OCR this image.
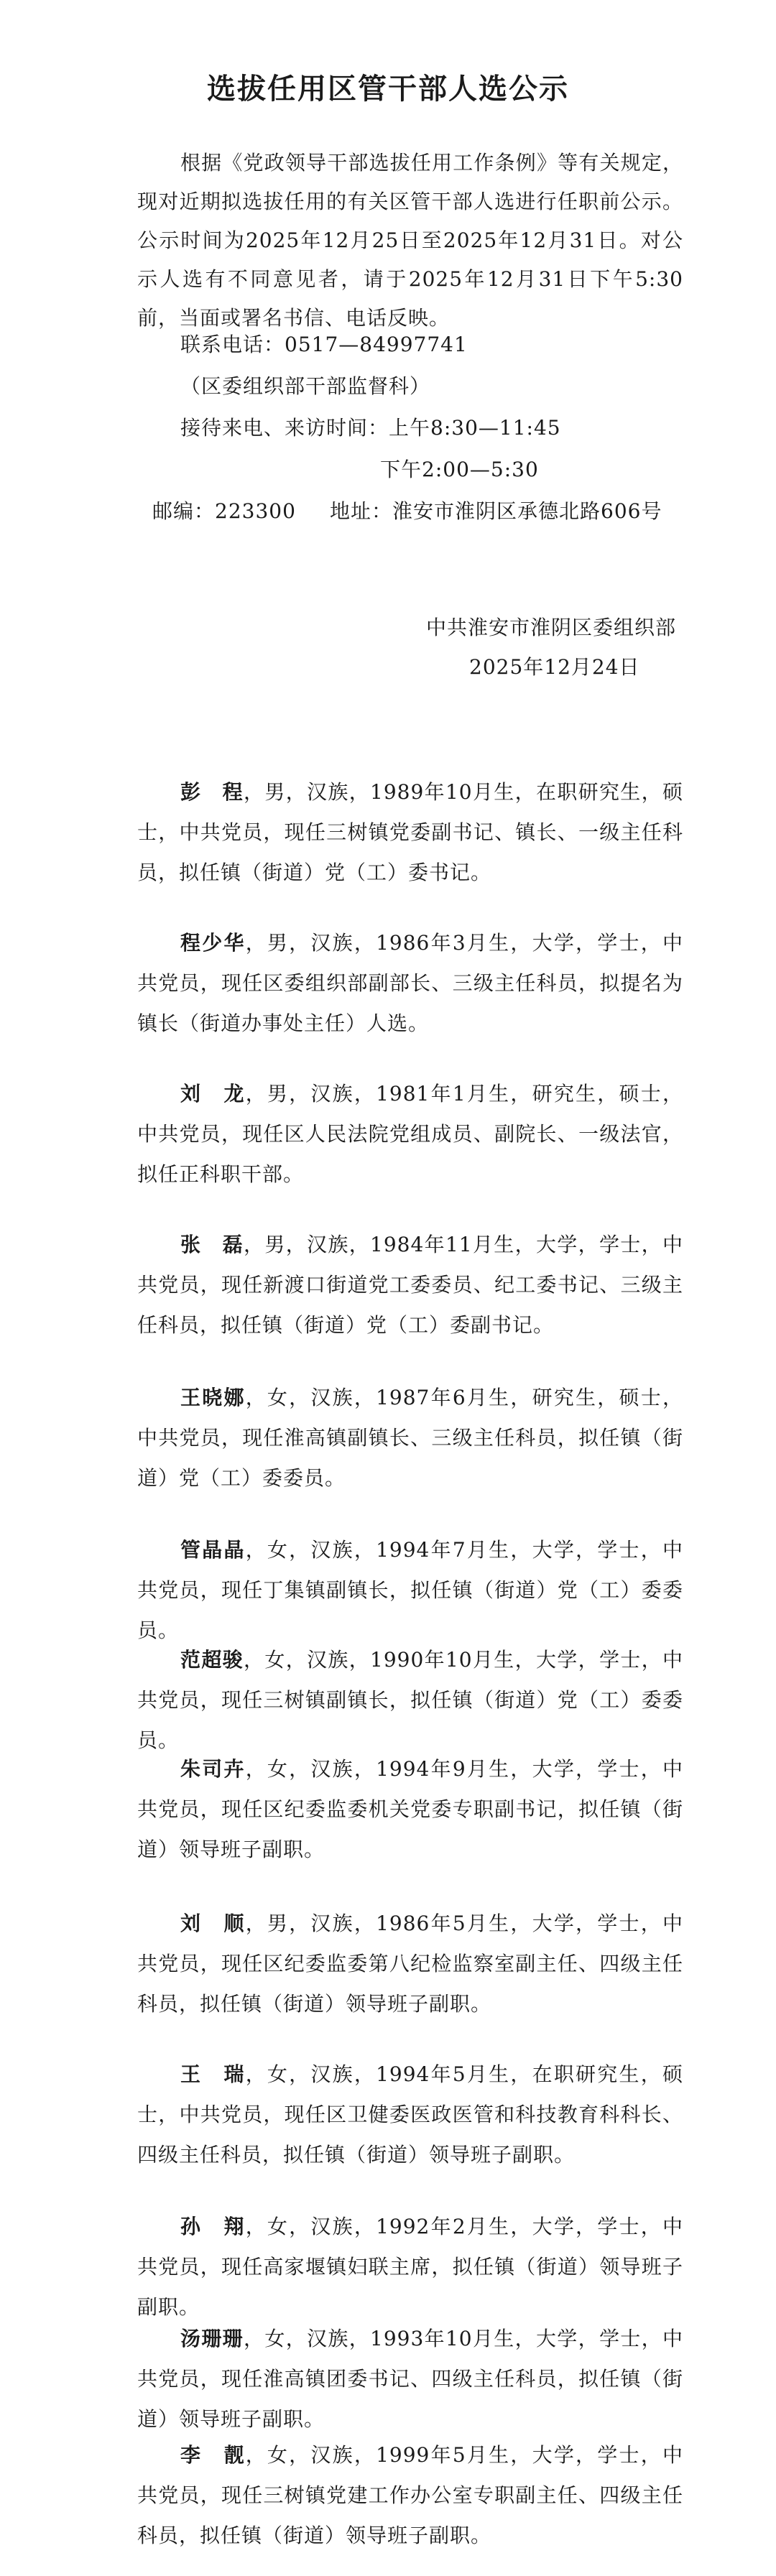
选拔任用区管干部人选公示
根据《党政领导干部选拔任用工作条例》等有关规定，现对近期拟选拔任用的有关区管干部人选进行任职前公示。公示时间为2025年12月25日至2025年12月31日。对公示人选有不同意见者，请于2025年12月31日下午5:30前，当面或署名书信、电话反映。
联系电话：0517—84997741
（区委组织部干部监督科）
接待来电、来访时间：上午8:30—11:45
下午2:00—5:30
邮编：223300 地址：淮安市淮阴区承德北路606号
中共淮安市淮阴区委组织部
2025年12月24日
彭　程，男，汉族，1989年10月生，在职研究生，硕士，中共党员，现任三树镇党委副书记、镇长、一级主任科员，拟任镇（街道）党（工）委书记。
程少华，男，汉族，1986年3月生，大学，学士，中共党员，现任区委组织部副部长、三级主任科员，拟提名为镇长（街道办事处主任）人选。
刘　龙，男，汉族，1981年1月生，研究生，硕士，中共党员，现任区人民法院党组成员、副院长、一级法官，拟任正科职干部。
张　磊，男，汉族，1984年11月生，大学，学士，中共党员，现任新渡口街道党工委委员、纪工委书记、三级主任科员，拟任镇（街道）党（工）委副书记。
王晓娜，女，汉族，1987年6月生，研究生，硕士，中共党员，现任淮高镇副镇长、三级主任科员，拟任镇（街道）党（工）委委员。
管晶晶，女，汉族，1994年7月生，大学，学士，中共党员，现任丁集镇副镇长，拟任镇（街道）党（工）委委员。
范超骏，女，汉族，1990年10月生，大学，学士，中共党员，现任三树镇副镇长，拟任镇（街道）党（工）委委员。
朱司卉，女，汉族，1994年9月生，大学，学士，中共党员，现任区纪委监委机关党委专职副书记，拟任镇（街道）领导班子副职。
刘　顺，男，汉族，1986年5月生，大学，学士，中共党员，现任区纪委监委第八纪检监察室副主任、四级主任科员，拟任镇（街道）领导班子副职。
王　瑞，女，汉族，1994年5月生，在职研究生，硕士，中共党员，现任区卫健委医政医管和科技教育科科长、四级主任科员，拟任镇（街道）领导班子副职。
孙　翔，女，汉族，1992年2月生，大学，学士，中共党员，现任高家堰镇妇联主席，拟任镇（街道）领导班子副职。
汤珊珊，女，汉族，1993年10月生，大学，学士，中共党员，现任淮高镇团委书记、四级主任科员，拟任镇（街道）领导班子副职。
李　靓，女，汉族，1999年5月生，大学，学士，中共党员，现任三树镇党建工作办公室专职副主任、四级主任科员，拟任镇（街道）领导班子副职。
